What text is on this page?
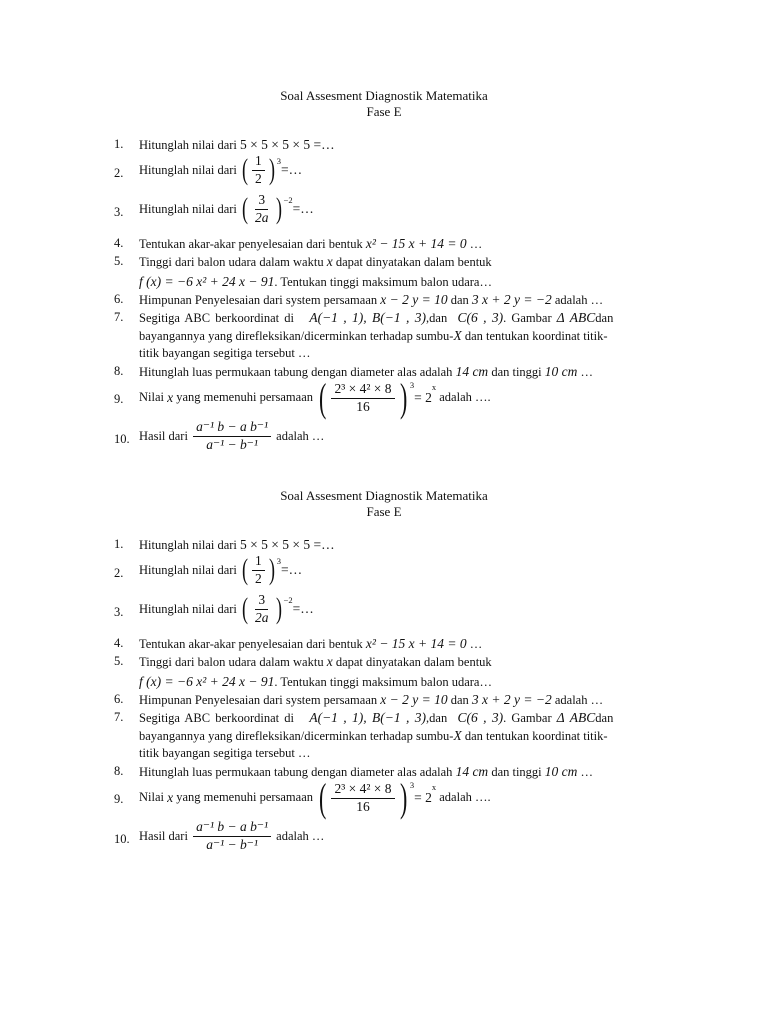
Soal Assesment Diagnostik Matematika
Fase E
1. Hitunglah nilai dari 5 × 5 × 5 × 5 =…
2. Hitunglah nilai dari
( $\frac{1}{2}$ ) 3
=…
3. Hitunglah nilai dari
( $\frac{3}{2a}$ ) −2
=…
4. Tentukan akar-akar penyelesaian dari bentuk x² − 15 x + 14 = 0 …
5. Tinggi dari balon udara dalam waktu x dapat dinyatakan dalam bentuk
f (x) = −6 x² + 24 x − 91. Tentukan tinggi maksimum balon udara…
6. Himpunan Penyelesaian dari system persamaan x − 2 y = 10 dan 3 x + 2 y = −2 adalah …
7. Segitiga ABC berkoordinat di A(−1 , 1), B(−1 , 3),dan C(6 , 3). Gambar Δ ABCdan
bayangannya yang direfleksikan/dicerminkan terhadap sumbu-X dan tentukan koordinat titik-
titik bayangan segitiga tersebut …
8. Hitunglah luas permukaan tabung dengan diameter alas adalah 14 cm dan tinggi 10 cm …
9. Nilai
x
yang memenuhi persamaan
( $\frac{\text{2³ × 4² × 8}}{16}$ ) 3
= 2
x

adalah ….
10. Hasil dari
$\frac{\text{a⁻¹ b − a b⁻¹}}{\text{a⁻¹ − b⁻¹}}$
adalah …
Soal Assesment Diagnostik Matematika
Fase E
1. Hitunglah nilai dari 5 × 5 × 5 × 5 =…
2. Hitunglah nilai dari
( $\frac{1}{2}$ ) 3
=…
3. Hitunglah nilai dari
( $\frac{3}{2a}$ ) −2
=…
4. Tentukan akar-akar penyelesaian dari bentuk x² − 15 x + 14 = 0 …
5. Tinggi dari balon udara dalam waktu x dapat dinyatakan dalam bentuk
f (x) = −6 x² + 24 x − 91. Tentukan tinggi maksimum balon udara…
6. Himpunan Penyelesaian dari system persamaan x − 2 y = 10 dan 3 x + 2 y = −2 adalah …
7. Segitiga ABC berkoordinat di A(−1 , 1), B(−1 , 3),dan C(6 , 3). Gambar Δ ABCdan
bayangannya yang direfleksikan/dicerminkan terhadap sumbu-X dan tentukan koordinat titik-
titik bayangan segitiga tersebut …
8. Hitunglah luas permukaan tabung dengan diameter alas adalah 14 cm dan tinggi 10 cm …
9. Nilai
x
yang memenuhi persamaan
( $\frac{\text{2³ × 4² × 8}}{16}$ ) 3
= 2
x

adalah ….
10. Hasil dari
$\frac{\text{a⁻¹ b − a b⁻¹}}{\text{a⁻¹ − b⁻¹}}$
adalah …
